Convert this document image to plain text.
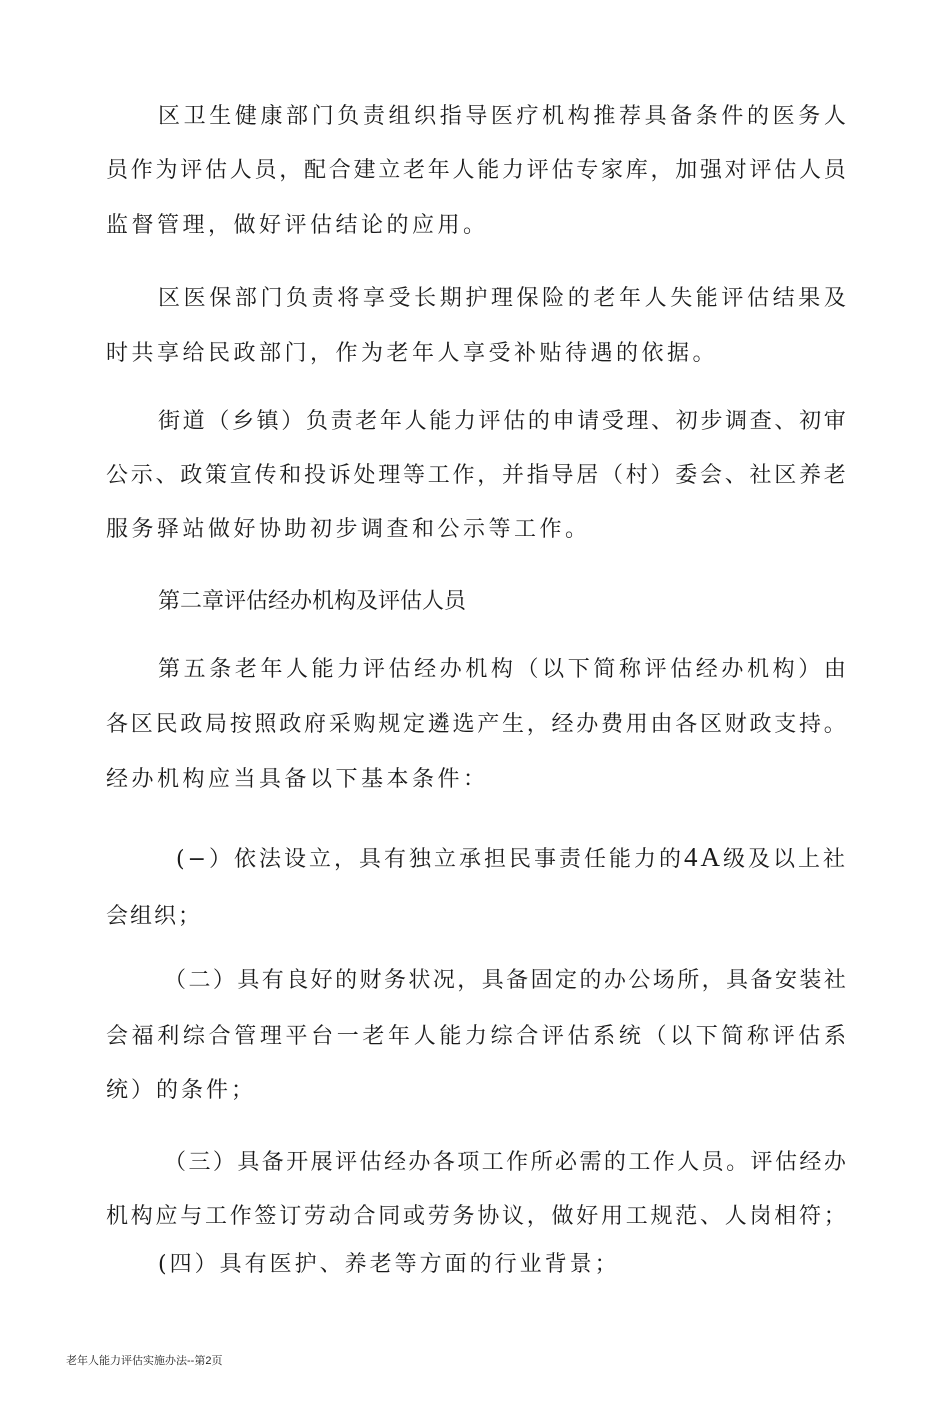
区 卫 生 健 康 部 门 负 责 组 织 指 导 医 疗 机 构 推 荐 具 备 条 件 的 医 务 人
员 作 为 评 估 人 员 ， 配 合 建 立 老 年 人 能 力 评 估 专 家 库 ， 加 强 对 评 估 人 员
监督管理，做好评估结论的应用。
区 医 保 部 门 负 责 将 享 受 长 期 护 理 保 险 的 老 年 人 失 能 评 估 结 果 及
时共享给民政部门，作为老年人享受补贴待遇的依据。
街 道 （ 乡 镇 ） 负 责 老 年 人 能 力 评 估 的 申 请 受 理 、 初 步 调 查 、 初 审
公 示 、 政 策 宣 传 和 投 诉 处 理 等 工 作 ， 并 指 导 居 （ 村 ） 委 会 、 社 区 养 老
服务驿站做好协助初步调查和公示等工作。
第二章评估经办机构及评估人员
第 五 条 老 年 人 能 力 评 估 经 办 机 构 （ 以 下 简 称 评 估 经 办 机 构 ） 由
各 区 民 政 局 按 照 政 府 采 购 规 定 遴 选 产 生 ， 经 办 费 用 由 各 区 财 政 支 持 。
经办机构应当具备以下基本条件：
(−）依法设立，具有独立承担民事责任能力的4A级及以上社
会组织；
（ 二 ） 具 有 良 好 的 财 务 状 况 ， 具 备 固 定 的 办 公 场 所 ， 具 备 安 装 社
会 福 利 综 合 管 理 平 台 一 老 年 人 能 力 综 合 评 估 系 统 （ 以 下 简 称 评 估 系
统）的条件；
（ 三 ） 具 备 开 展 评 估 经 办 各 项 工 作 所 必 需 的 工 作 人 员 。 评 估 经 办
机 构 应 与 工 作 签 订 劳 动 合 同 或 劳 务 协 议 ， 做 好 用 工 规 范 、 人 岗 相 符 ；
(四）具有医护、养老等方面的行业背景；
老年人能力评估实施办法--第2页
